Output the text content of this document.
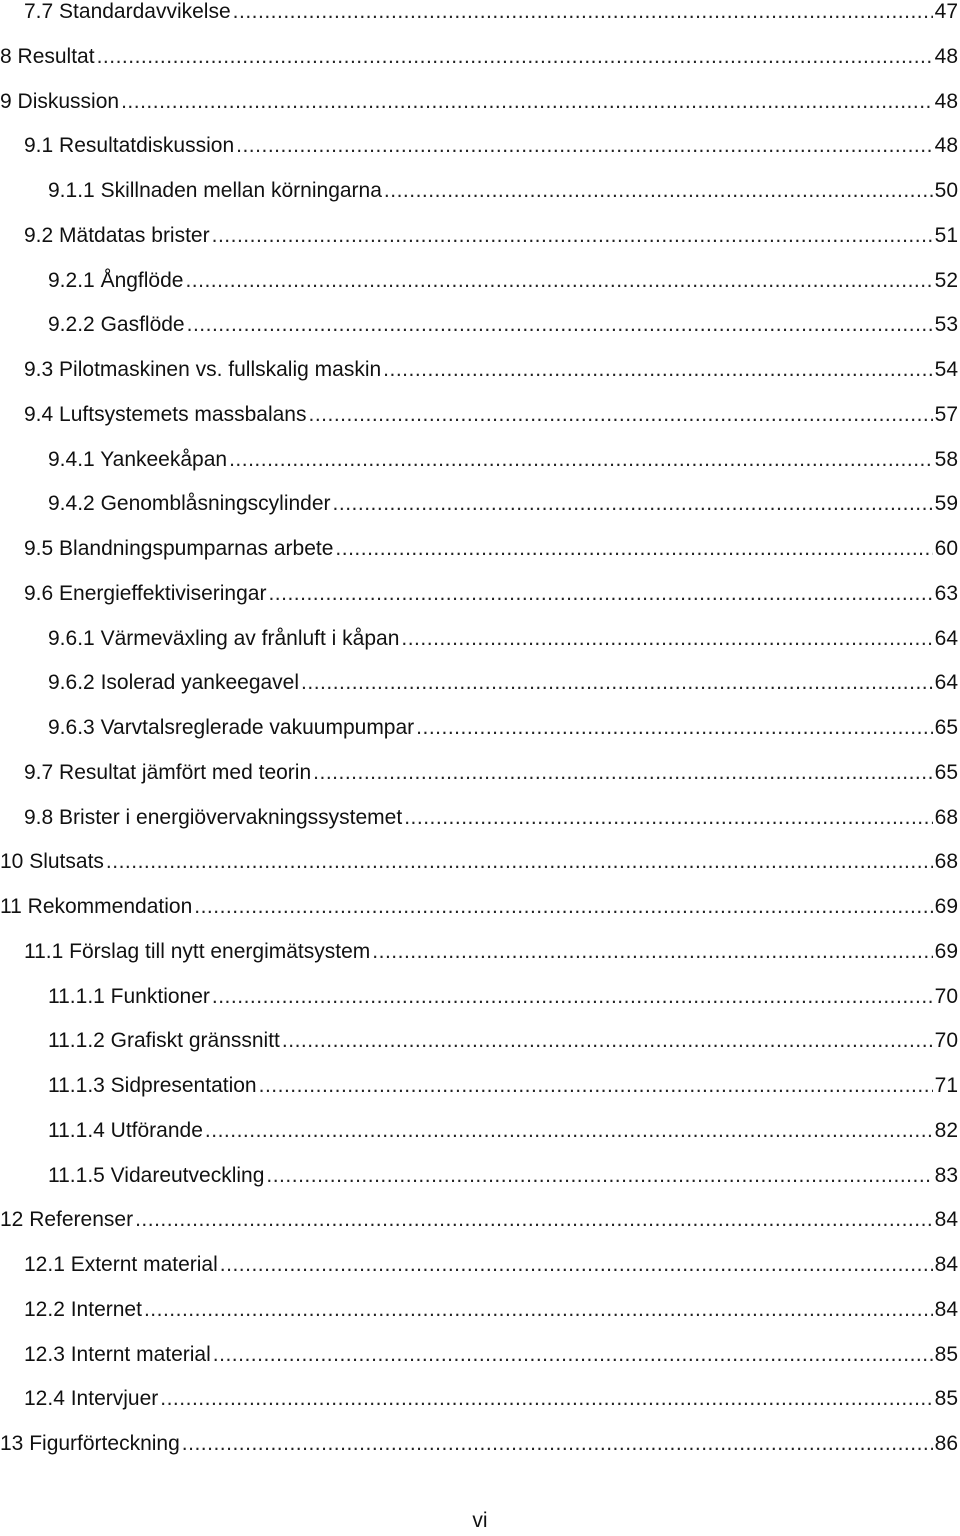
7.7 Standardavvikelse .....	47
8 Resultat .....	48
9 Diskussion .....	48
9.1 Resultatdiskussion .....	48
9.1.1 Skillnaden mellan körningarna .....	50
9.2 Mätdatas brister .....	51
9.2.1 Ångflöde .....	52
9.2.2 Gasflöde .....	53
9.3 Pilotmaskinen vs. fullskalig maskin .....	54
9.4 Luftsystemets massbalans .....	57
9.4.1 Yankeekåpan .....	58
9.4.2 Genomblåsningscylinder .....	59
9.5 Blandningspumparnas arbete .....	60
9.6 Energieffektiviseringar .....	63
9.6.1 Värmeväxling av frånluft i kåpan .....	64
9.6.2 Isolerad yankeegavel .....	64
9.6.3 Varvtalsreglerade vakuumpumpar .....	65
9.7 Resultat jämfört med teorin .....	65
9.8 Brister i energiövervakningssystemet .....	68
10 Slutsats .....	68
11 Rekommendation .....	69
11.1 Förslag till nytt energimätsystem .....	69
11.1.1 Funktioner .....	70
11.1.2 Grafiskt gränssnitt .....	70
11.1.3 Sidpresentation .....	71
11.1.4 Utförande .....	82
11.1.5 Vidareutveckling .....	83
12 Referenser .....	84
12.1 Externt material .....	84
12.2 Internet .....	84
12.3 Internt material .....	85
12.4 Intervjuer .....	85
13 Figurförteckning .....	86
vi
